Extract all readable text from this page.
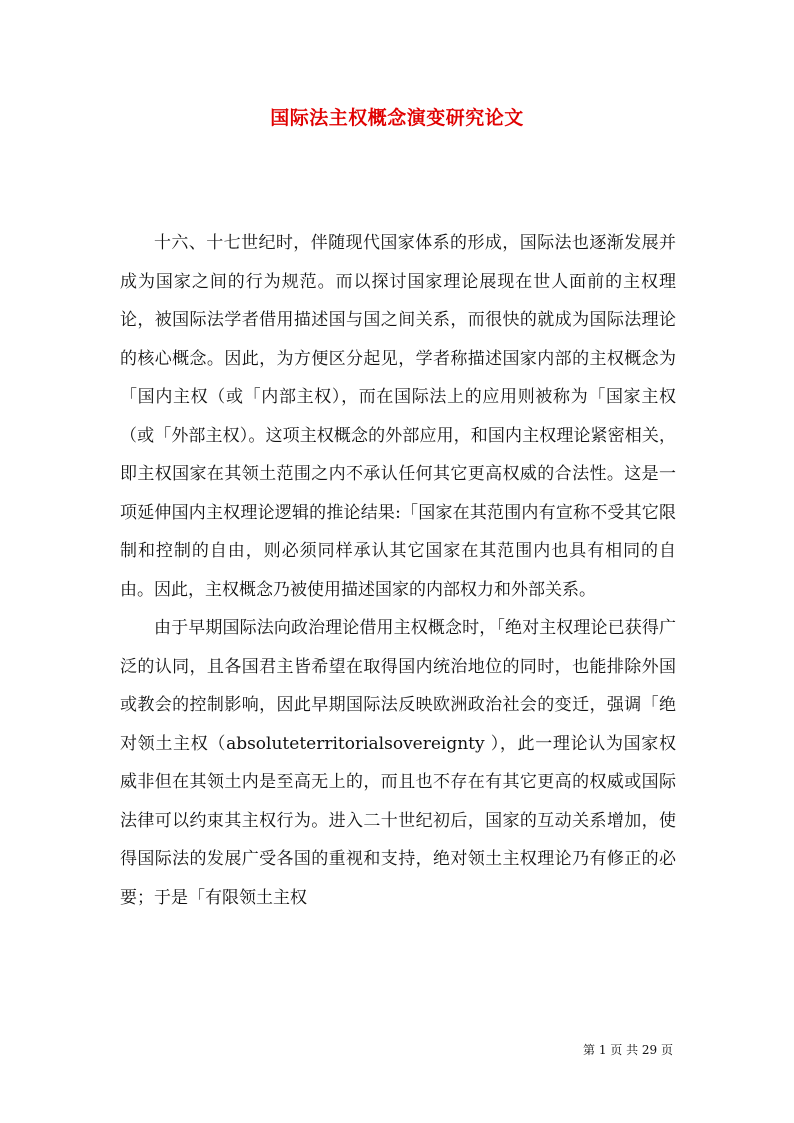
国际法主权概念演变研究论文

十六、十七世纪时，伴随现代国家体系的形成，国际法也逐渐发展并成为国家之间的行为规范。而以探讨国家理论展现在世人面前的主权理论，被国际法学者借用描述国与国之间关系，而很快的就成为国际法理论的核心概念。因此，为方便区分起见，学者称描述国家内部的主权概念为「国内主权（或「内部主权），而在国际法上的应用则被称为「国家主权（或「外部主权）。这项主权概念的外部应用，和国内主权理论紧密相关，即主权国家在其领土范围之内不承认任何其它更高权威的合法性。这是一项延伸国内主权理论逻辑的推论结果:「国家在其范围内有宣称不受其它限制和控制的自由，则必须同样承认其它国家在其范围内也具有相同的自由。因此，主权概念乃被使用描述国家的内部权力和外部关系。

由于早期国际法向政治理论借用主权概念时，「绝对主权理论已获得广泛的认同，且各国君主皆希望在取得国内统治地位的同时，也能排除外国或教会的控制影响，因此早期国际法反映欧洲政治社会的变迁，强调「绝对领土主权（absoluteterritorialsovereignty ），此一理论认为国家权威非但在其领土内是至高无上的，而且也不存在有其它更高的权威或国际法律可以约束其主权行为。进入二十世纪初后，国家的互动关系增加，使得国际法的发展广受各国的重视和支持，绝对领土主权理论乃有修正的必要；于是「有限领土主权

第 1 页 共 29 页
